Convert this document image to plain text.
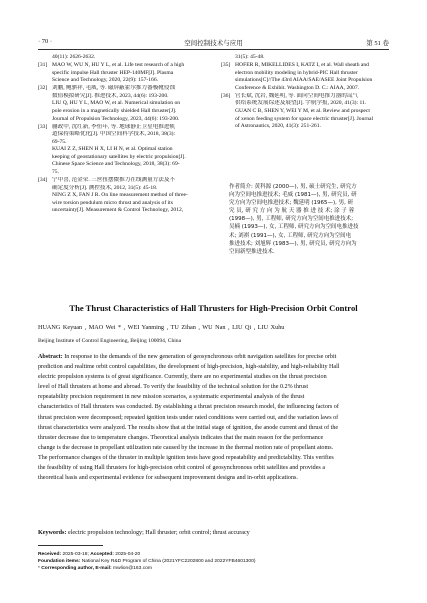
· 70 ·	空间控制技术与应用	第 51 卷
40(11): 2626-2632.
[31] MAO W, WU N, HU Y L, et al. Life test research of a high
specific impulse Hall thruster HEP-140MF[J]. Plasma
Science and Technology, 2020, 22(9): 157-166.
[32] 刘鹏, 鲍骐祥, 毛威, 等. 磁屏蔽霍尔推力器极靴侵蚀
数值模拟研究[J]. 推进技术, 2023, 44(6): 193-200.
LIU Q, HU Y L, MAO W, et al. Numerical simulation on
pole erosion in a magnetically shielded Hall thruster[J].
Journal of Propulsion Technology, 2023, 44(6): 193-200.
[33] 蒯政中, 沈红新, 李恒年, 等. 地球静止卫星电推进轨
道保持策略优化[J]. 中国空间科学技术, 2018, 38(3):
69-75.
KUAI Z Z, SHEN H X, LI H N, et al. Optimal station
keeping of geostationary satellites by electric propulsion[J].
Chinese Space Science and Technology, 2018, 38(3): 69-
75.
[34] 宁中喜, 范金荣. 三丝扭摆微推力在线测量方法及不
确定度分析[J]. 测控技术, 2012, 31(5): 45-18.
NING Z X, FAN J R. On line measurement method of three-
wire torsion pendulum micro thrust and analysis of its
uncertainty[J]. Measurement & Control Technology, 2012,
31(5): 45-48.
[35] HOFER R, MIKELLIDES I, KATZ I, et al. Wall sheath and
electron mobility modeling in hybrid-PIC Hall thruster
simulations[C]//The 43rd AIAA/SAE/ASEE Joint Propulsion
Conference & Exhibit. Washington D. C.: AIAA, 2007.
[36] 官长斌, 沈岩, 魏延明, 等. 面向空间电推力器的氙气
供给系统发展综述及展望[J]. 宇航学报, 2020, 41(3): 11.
GUAN C B, SHEN Y, WEI Y M, et al. Review and prospect
of xenon feeding system for space electric thruster[J]. Journal
of Astronautics, 2020, 41(3): 251-261.
作者简介: 黄科源 (2000—), 男, 硕士研究生, 研究方
向为空间电推进技术; 毛威 (1981—), 男, 研究员, 研
究方向为空间电推进技术; 魏延明 (1965—), 男, 研
究 员, 研 究 方 向 为 航 天 器 推 进 技 术; 涂 子 蓉
(1998—), 男, 工程师, 研究方向为空间电推进技术;
吴楠 (1993—), 女, 工程师, 研究方向为空间电推进技
术; 刘祺 (1991—), 女, 工程师, 研究方向为空间电
推进技术; 刘旭辉 (1983—), 男, 研究员, 研究方向为
空间新型推进技术.
The Thrust Characteristics of Hall Thrusters for High-Precision Orbit Control
HUANG Keyuan , MAO Wei * , WEI Yanming , TU Zihan , WU Nan , LIU Qi , LIU Xuhu
Beijing Institute of Control Engineering, Beijing 100094, China
Abstract: In response to the demands of the new generation of geosynchronous orbit navigation satellites for precise orbit
prediction and realtime orbit control capabilities, the development of high-precision, high-stability, and high-reliability Hall
electric propulsion systems is of great significance. Currently, there are no experimental studies on the thrust precision
level of Hall thrusters at home and abroad. To verify the feasibility of the technical solution for the 0.2% thrust
repeatability precision requirement in new mission scenarios, a systematic experimental analysis of the thrust
characteristics of Hall thrusters was conducted. By establishing a thrust precision research model, the influencing factors of
thrust precision were decomposed; repeated ignition tests under rated conditions were carried out, and the variation laws of
thrust characteristics were analyzed. The results show that at the initial stage of ignition, the anode current and thrust of the
thruster decrease due to temperature changes. Theoretical analysis indicates that the main reason for the performance
change is the decrease in propellant utilization rate caused by the increase in the thermal motion rate of propellant atoms.
The performance changes of the thruster in multiple ignition tests have good repeatability and predictability. This verifies
the feasibility of using Hall thrusters for high-precision orbit control of geosynchronous orbit satellites and provides a
theoretical basis and experimental evidence for subsequent improvement designs and in-orbit applications.
Keywords: electric propulsion technology; Hall thruster; orbit control; thrust accuracy
Received: 2025-03-18; Accepted: 2025-04-20
Foundation items: National Key R&D Program of China (2021YFC2202800 and 2022YFB4601300)
* Corresponding author, E-mail: mwlion@163.com
